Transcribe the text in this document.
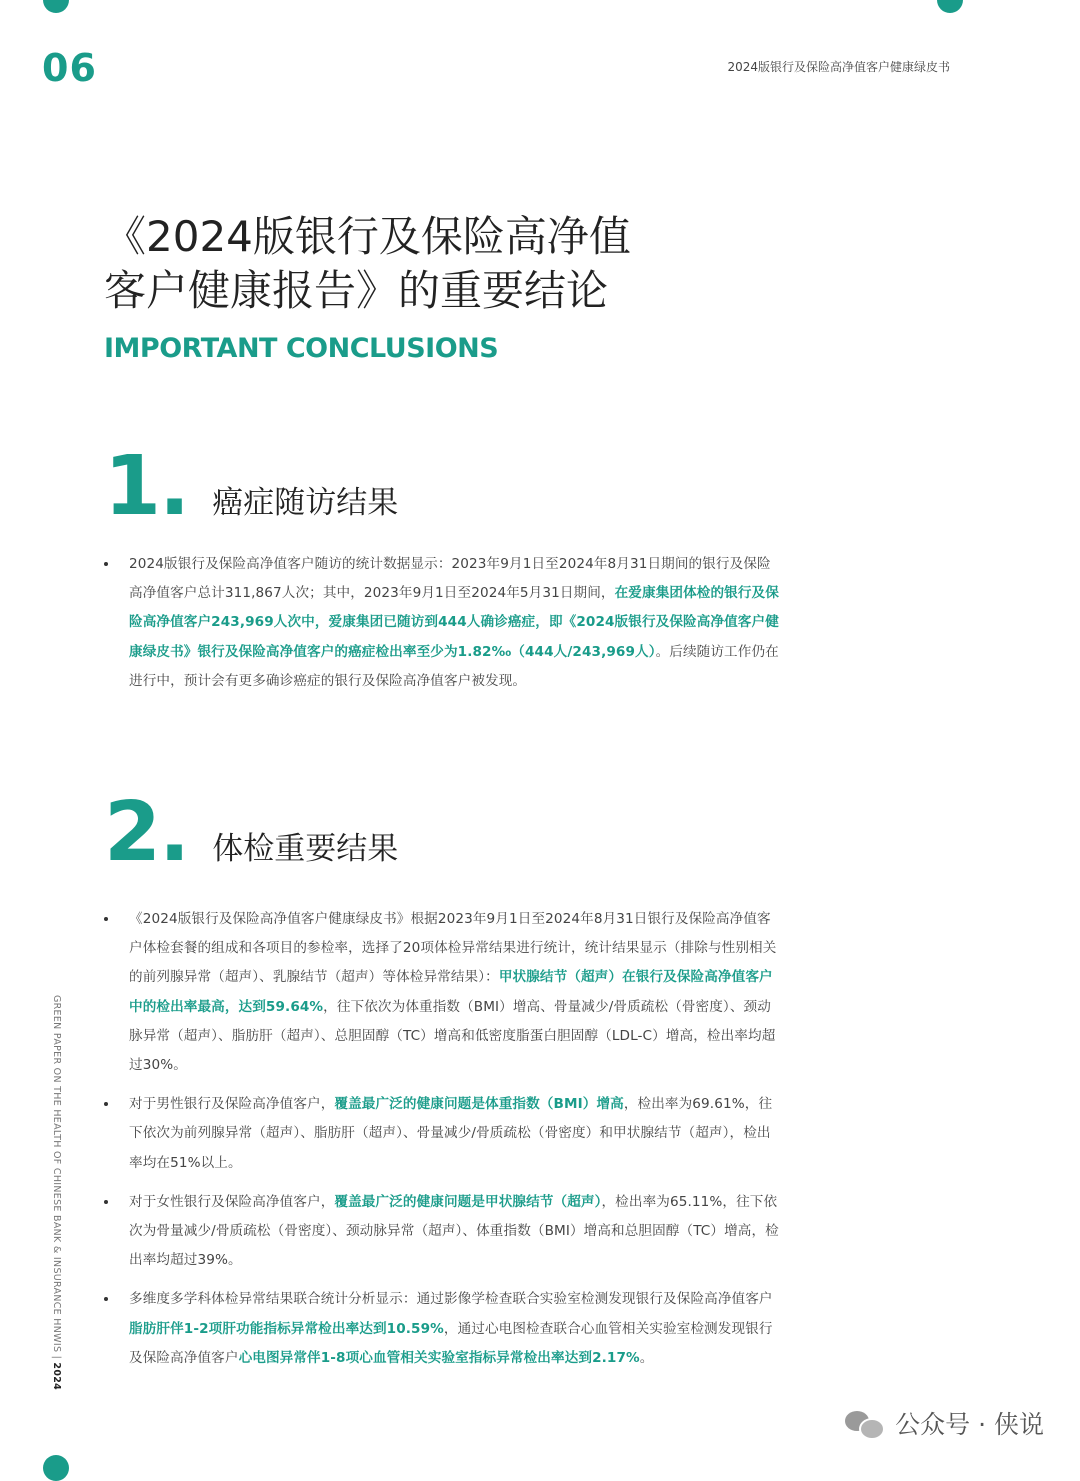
06	2024版银行及保险高净值客户健康绿皮书
《2024版银行及保险高净值
客户健康报告》的重要结论
IMPORTANT CONCLUSIONS
1. 癌症随访结果
2024版银行及保险高净值客户随访的统计数据显示：2023年9月1日至2024年8月31日期间的银行及保险高净值客户总计311,867人次；其中，2023年9月1日至2024年5月31日期间，在爱康集团体检的银行及保险高净值客户243,969人次中，爱康集团已随访到444人确诊癌症，即《2024版银行及保险高净值客户健康绿皮书》银行及保险高净值客户的癌症检出率至少为1.82‰（444人/243,969人）。后续随访工作仍在进行中，预计会有更多确诊癌症的银行及保险高净值客户被发现。
2. 体检重要结果
《2024版银行及保险高净值客户健康绿皮书》根据2023年9月1日至2024年8月31日银行及保险高净值客户体检套餐的组成和各项目的参检率，选择了20项体检异常结果进行统计，统计结果显示（排除与性别相关的前列腺异常（超声）、乳腺结节（超声）等体检异常结果）：甲状腺结节（超声）在银行及保险高净值客户中的检出率最高，达到59.64%，往下依次为体重指数（BMI）增高、骨量减少/骨质疏松（骨密度）、颈动脉异常（超声）、脂肪肝（超声）、总胆固醇（TC）增高和低密度脂蛋白胆固醇（LDL-C）增高，检出率均超过30%。
对于男性银行及保险高净值客户，覆盖最广泛的健康问题是体重指数（BMI）增高，检出率为69.61%，往下依次为前列腺异常（超声）、脂肪肝（超声）、骨量减少/骨质疏松（骨密度）和甲状腺结节（超声），检出率均在51%以上。
对于女性银行及保险高净值客户，覆盖最广泛的健康问题是甲状腺结节（超声），检出率为65.11%，往下依次为骨量减少/骨质疏松（骨密度）、颈动脉异常（超声）、体重指数（BMI）增高和总胆固醇（TC）增高，检出率均超过39%。
多维度多学科体检异常结果联合统计分析显示：通过影像学检查联合实验室检测发现银行及保险高净值客户脂肪肝伴1-2项肝功能指标异常检出率达到10.59%，通过心电图检查联合心血管相关实验室检测发现银行及保险高净值客户心电图异常伴1-8项心血管相关实验室指标异常检出率达到2.17%。
GREEN PAPER ON THE HEALTH OF CHINESE BANK & INSURANCE HNWIS | 2024
公众号 · 侠说
